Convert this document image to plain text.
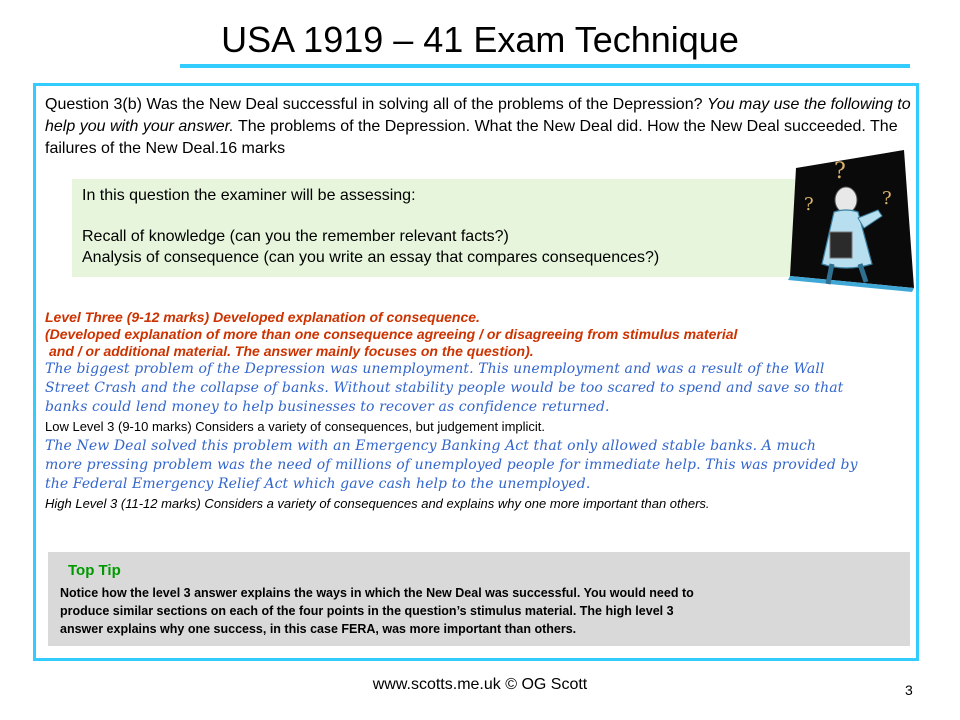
USA 1919 – 41 Exam Technique
Question 3(b) Was the New Deal successful in solving all of the problems of the Depression? You may use the following to help you with your answer. The problems of the Depression. What the New Deal did. How the New Deal succeeded. The failures of the New Deal.16 marks
In this question the examiner will be assessing:
Recall of knowledge (can you the remember relevant facts?)
Analysis of consequence (can you write an essay that compares consequences?)
?
?	?
Level Three (9-12 marks) Developed explanation of consequence.
(Developed explanation of more than one consequence agreeing / or disagreeing from stimulus material
and / or additional material. The answer mainly focuses on the question).
The biggest problem of the Depression was unemployment. This unemployment and was a result of the Wall
Street Crash and the collapse of banks. Without stability people would be too scared to spend and save so that
banks could lend money to help businesses to recover as confidence returned.
Low Level 3 (9-10 marks) Considers a variety of consequences, but judgement implicit.
The New Deal solved this problem with an Emergency Banking Act that only allowed stable banks. A much
more pressing problem was the need of millions of unemployed people for immediate help. This was provided by
the Federal Emergency Relief Act which gave cash help to the unemployed.
High Level 3 (11-12 marks) Considers a variety of consequences and explains why one more important than others.
Top Tip
Notice how the level 3 answer explains the ways in which the New Deal was successful. You would need to
produce similar sections on each of the four points in the question’s stimulus material. The high level 3
answer explains why one success, in this case FERA, was more important than others.
www.scotts.me.uk © OG Scott	3
